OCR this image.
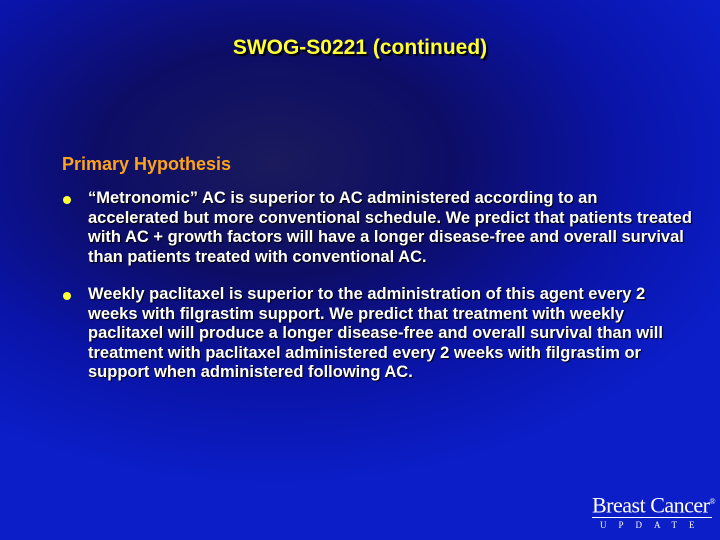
SWOG-S0221 (continued)
Primary Hypothesis
“Metronomic” AC is superior to AC administered according to an accelerated but more conventional schedule. We predict that patients treated with AC + growth factors will have a longer disease-free and overall survival than patients treated with conventional AC.
Weekly paclitaxel is superior to the administration of this agent every 2 weeks with filgrastim support. We predict that treatment with weekly paclitaxel will produce a longer disease-free and overall survival than will treatment with paclitaxel administered every 2 weeks with filgrastim or support when administered following AC.
Breast Cancer®
UPDATE
